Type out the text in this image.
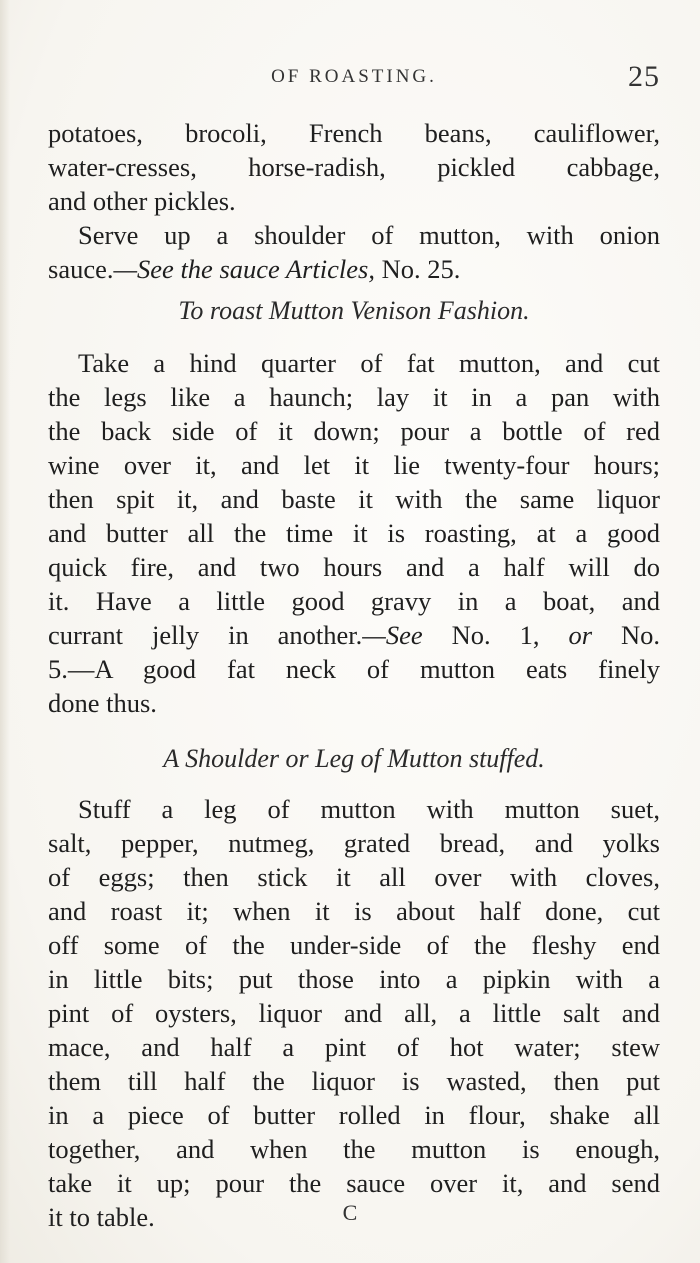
OF ROASTING.	25

potatoes, brocoli, French beans, cauliflower,
water-cresses, horse-radish, pickled cabbage,
and other pickles.

Serve up a shoulder of mutton, with onion
sauce.—See the sauce Articles, No. 25.

To roast Mutton Venison Fashion.

Take a hind quarter of fat mutton, and cut
the legs like a haunch; lay it in a pan with
the back side of it down; pour a bottle of red
wine over it, and let it lie twenty-four hours;
then spit it, and baste it with the same liquor
and butter all the time it is roasting, at a good
quick fire, and two hours and a half will do
it. Have a little good gravy in a boat, and
currant jelly in another.—See No. 1, or No.
5.—A good fat neck of mutton eats finely
done thus.

A Shoulder or Leg of Mutton stuffed.

Stuff a leg of mutton with mutton suet,
salt, pepper, nutmeg, grated bread, and yolks
of eggs; then stick it all over with cloves,
and roast it; when it is about half done, cut
off some of the under-side of the fleshy end
in little bits; put those into a pipkin with a
pint of oysters, liquor and all, a little salt and
mace, and half a pint of hot water; stew
them till half the liquor is wasted, then put
in a piece of butter rolled in flour, shake all
together, and when the mutton is enough,
take it up; pour the sauce over it, and send
it to table.	C
